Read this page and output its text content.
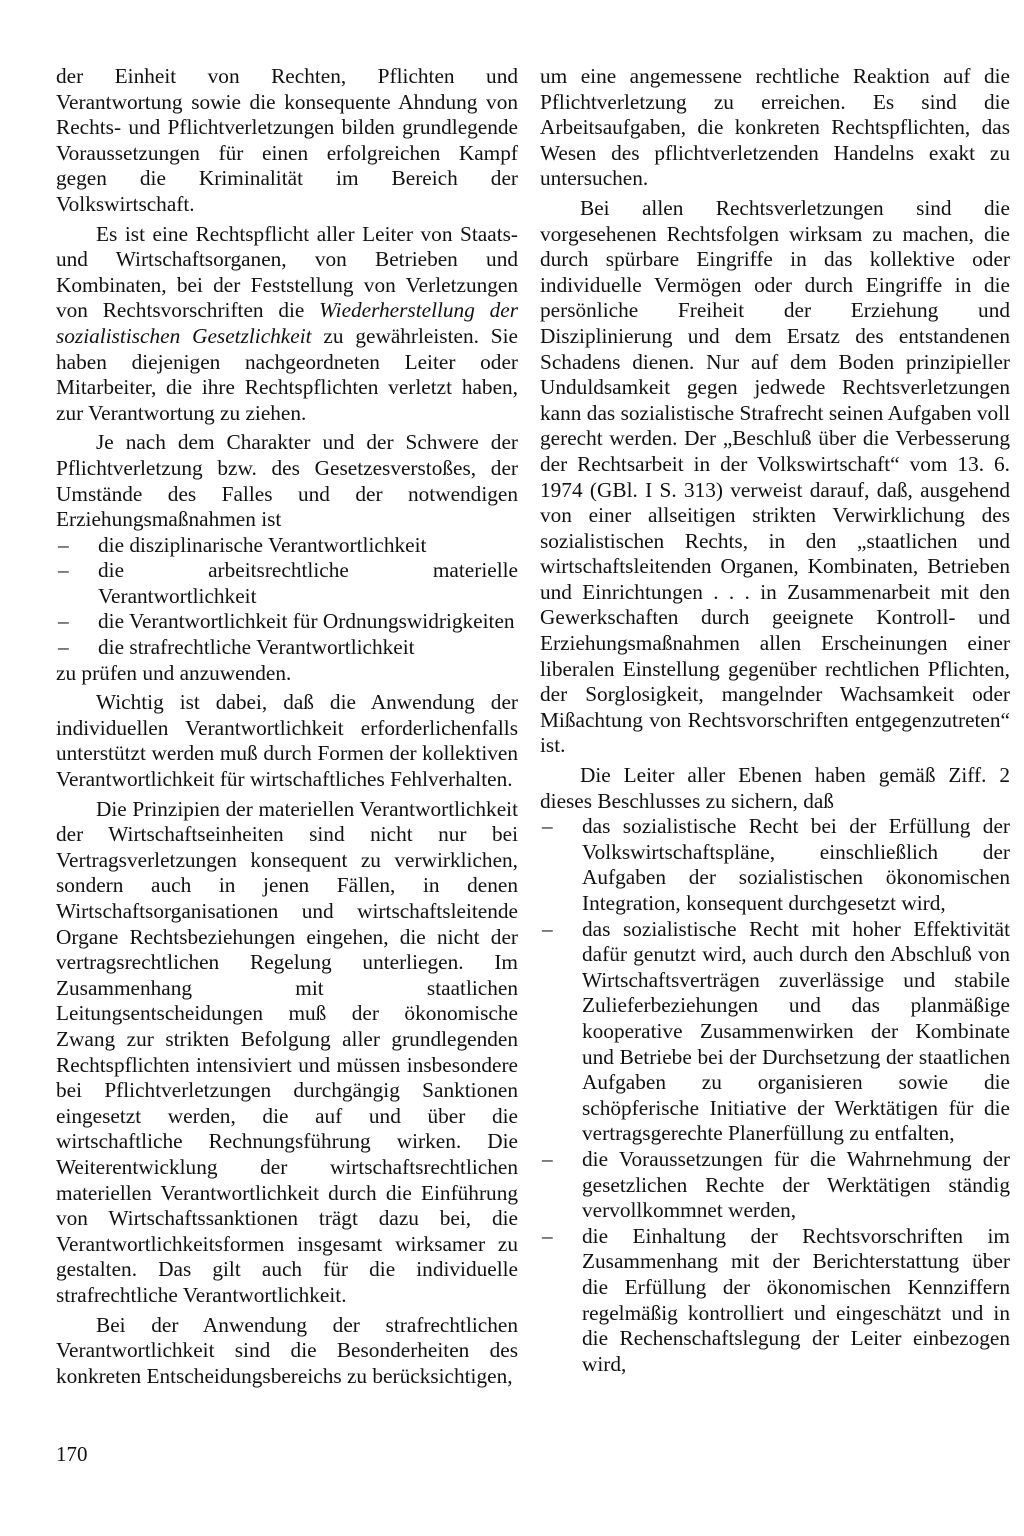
der Einheit von Rechten, Pflichten und Verantwortung sowie die konsequente Ahndung von Rechts- und Pflichtverletzungen bilden grundlegende Voraussetzungen für einen erfolgreichen Kampf gegen die Kriminalität im Bereich der Volkswirtschaft.

Es ist eine Rechtspflicht aller Leiter von Staats- und Wirtschaftsorganen, von Betrieben und Kombinaten, bei der Feststellung von Verletzungen von Rechtsvorschriften die Wiederherstellung der sozialistischen Gesetzlichkeit zu gewährleisten. Sie haben diejenigen nachgeordneten Leiter oder Mitarbeiter, die ihre Rechtspflichten verletzt haben, zur Verantwortung zu ziehen.

Je nach dem Charakter und der Schwere der Pflichtverletzung bzw. des Gesetzesverstoßes, der Umstände des Falles und der notwendigen Erziehungsmaßnahmen ist

– die disziplinarische Verantwortlichkeit
– die arbeitsrechtliche materielle Verantwortlichkeit
– die Verantwortlichkeit für Ordnungswidrigkeiten
– die strafrechtliche Verantwortlichkeit

zu prüfen und anzuwenden.

Wichtig ist dabei, daß die Anwendung der individuellen Verantwortlichkeit erforderlichenfalls unterstützt werden muß durch Formen der kollektiven Verantwortlichkeit für wirtschaftliches Fehlverhalten.

Die Prinzipien der materiellen Verantwortlichkeit der Wirtschaftseinheiten sind nicht nur bei Vertragsverletzungen konsequent zu verwirklichen, sondern auch in jenen Fällen, in denen Wirtschaftsorganisationen und wirtschaftsleitende Organe Rechtsbeziehungen eingehen, die nicht der vertragsrechtlichen Regelung unterliegen. Im Zusammenhang mit staatlichen Leitungsentscheidungen muß der ökonomische Zwang zur strikten Befolgung aller grundlegenden Rechtspflichten intensiviert und müssen insbesondere bei Pflichtverletzungen durchgängig Sanktionen eingesetzt werden, die auf und über die wirtschaftliche Rechnungsführung wirken. Die Weiterentwicklung der wirtschaftsrechtlichen materiellen Verantwortlichkeit durch die Einführung von Wirtschaftssanktionen trägt dazu bei, die Verantwortlichkeitsformen insgesamt wirksamer zu gestalten. Das gilt auch für die individuelle strafrechtliche Verantwortlichkeit.

Bei der Anwendung der strafrechtlichen Verantwortlichkeit sind die Besonderheiten des konkreten Entscheidungsbereichs zu berücksichtigen,

um eine angemessene rechtliche Reaktion auf die Pflichtverletzung zu erreichen. Es sind die Arbeitsaufgaben, die konkreten Rechtspflichten, das Wesen des pflichtverletzenden Handelns exakt zu untersuchen.

Bei allen Rechtsverletzungen sind die vorgesehenen Rechtsfolgen wirksam zu machen, die durch spürbare Eingriffe in das kollektive oder individuelle Vermögen oder durch Eingriffe in die persönliche Freiheit der Erziehung und Disziplinierung und dem Ersatz des entstandenen Schadens dienen. Nur auf dem Boden prinzipieller Unduldsamkeit gegen jedwede Rechtsverletzungen kann das sozialistische Strafrecht seinen Aufgaben voll gerecht werden. Der „Beschluß über die Verbesserung der Rechtsarbeit in der Volkswirtschaft“ vom 13. 6. 1974 (GBl. I S. 313) verweist darauf, daß, ausgehend von einer allseitigen strikten Verwirklichung des sozialistischen Rechts, in den „staatlichen und wirtschaftsleitenden Organen, Kombinaten, Betrieben und Einrichtungen . . . in Zusammenarbeit mit den Gewerkschaften durch geeignete Kontroll- und Erziehungsmaßnahmen allen Erscheinungen einer liberalen Einstellung gegenüber rechtlichen Pflichten, der Sorglosigkeit, mangelnder Wachsamkeit oder Mißachtung von Rechtsvorschriften entgegenzutreten“ ist.

Die Leiter aller Ebenen haben gemäß Ziff. 2 dieses Beschlusses zu sichern, daß

– das sozialistische Recht bei der Erfüllung der Volkswirtschaftspläne, einschließlich der Aufgaben der sozialistischen ökonomischen Integration, konsequent durchgesetzt wird,
– das sozialistische Recht mit hoher Effektivität dafür genutzt wird, auch durch den Abschluß von Wirtschaftsverträgen zuverlässige und stabile Zulieferbeziehungen und das planmäßige kooperative Zusammenwirken der Kombinate und Betriebe bei der Durchsetzung der staatlichen Aufgaben zu organisieren sowie die schöpferische Initiative der Werktätigen für die vertragsgerechte Planerfüllung zu entfalten,
– die Voraussetzungen für die Wahrnehmung der gesetzlichen Rechte der Werktätigen ständig vervollkommnet werden,
– die Einhaltung der Rechtsvorschriften im Zusammenhang mit der Berichterstattung über die Erfüllung der ökonomischen Kennziffern regelmäßig kontrolliert und eingeschätzt und in die Rechenschaftslegung der Leiter einbezogen wird,
170
